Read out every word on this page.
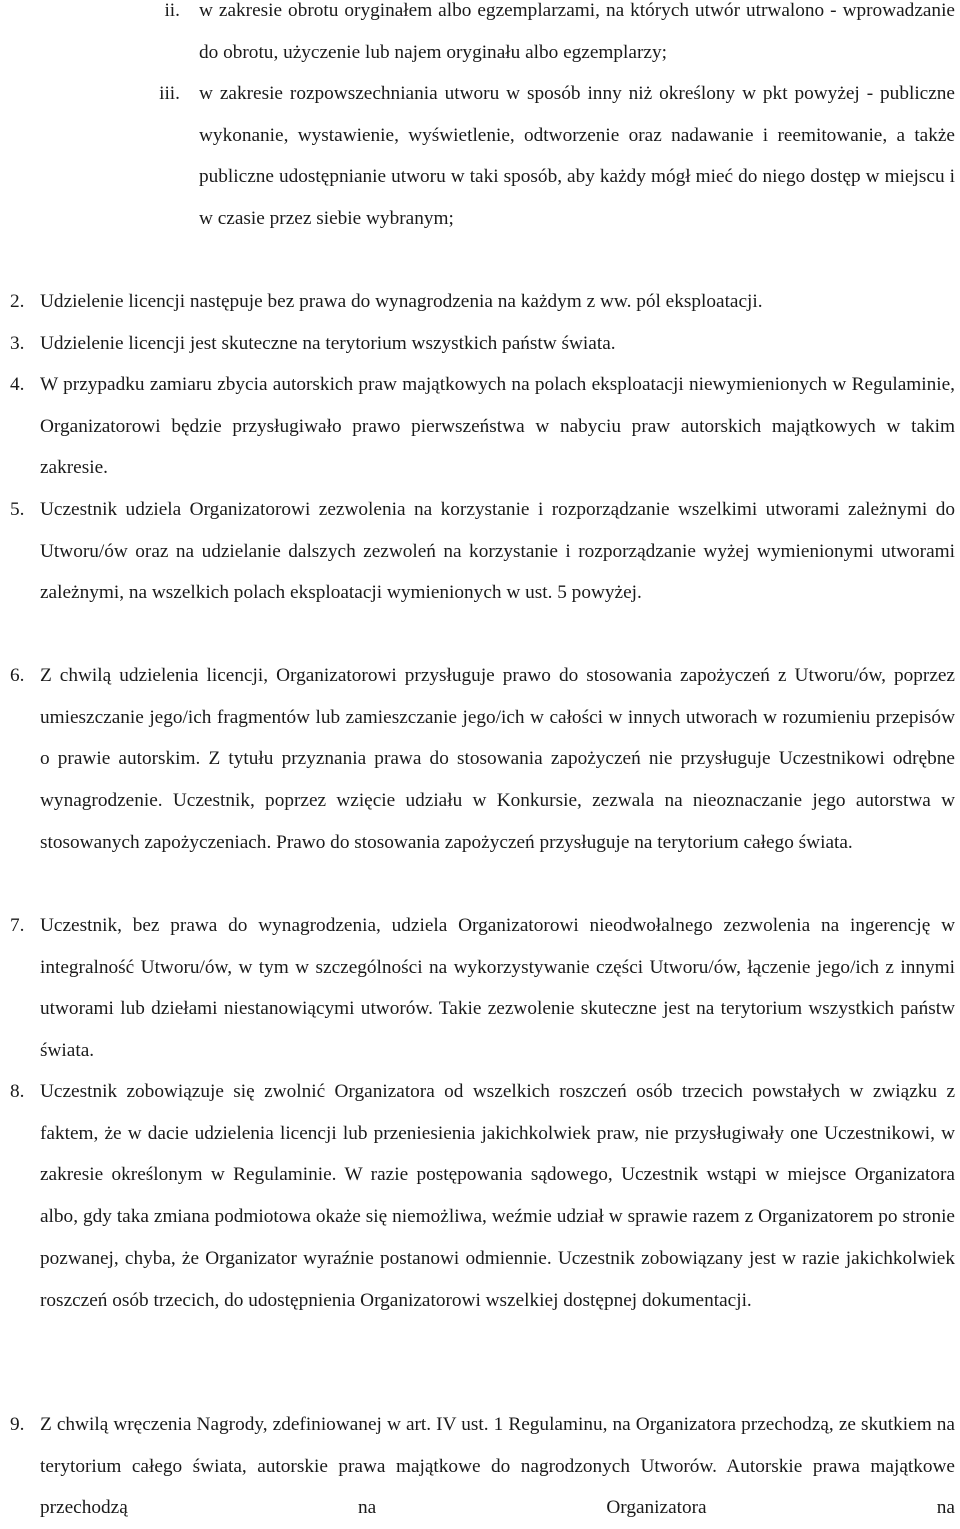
ii. w zakresie obrotu oryginałem albo egzemplarzami, na których utwór utrwalono - wprowadzanie do obrotu, użyczenie lub najem oryginału albo egzemplarzy;

iii. w zakresie rozpowszechniania utworu w sposób inny niż określony w pkt powyżej - publiczne wykonanie, wystawienie, wyświetlenie, odtworzenie oraz nadawanie i reemitowanie, a także publiczne udostępnianie utworu w taki sposób, aby każdy mógł mieć do niego dostęp w miejscu i w czasie przez siebie wybranym;

2. Udzielenie licencji następuje bez prawa do wynagrodzenia na każdym z ww. pól eksploatacji.

3. Udzielenie licencji jest skuteczne na terytorium wszystkich państw świata.

4. W przypadku zamiaru zbycia autorskich praw majątkowych na polach eksploatacji niewymienionych w Regulaminie, Organizatorowi będzie przysługiwało prawo pierwszeństwa w nabyciu praw autorskich majątkowych w takim zakresie.

5. Uczestnik udziela Organizatorowi zezwolenia na korzystanie i rozporządzanie wszelkimi utworami zależnymi do Utworu/ów oraz na udzielanie dalszych zezwoleń na korzystanie i rozporządzanie wyżej wymienionymi utworami zależnymi, na wszelkich polach eksploatacji wymienionych w ust. 5 powyżej.

6. Z chwilą udzielenia licencji, Organizatorowi przysługuje prawo do stosowania zapożyczeń z Utworu/ów, poprzez umieszczanie jego/ich fragmentów lub zamieszczanie jego/ich w całości w innych utworach w rozumieniu przepisów o prawie autorskim. Z tytułu przyznania prawa do stosowania zapożyczeń nie przysługuje Uczestnikowi odrębne wynagrodzenie. Uczestnik, poprzez wzięcie udziału w Konkursie, zezwala na nieoznaczanie jego autorstwa w stosowanych zapożyczeniach. Prawo do stosowania zapożyczeń przysługuje na terytorium całego świata.

7. Uczestnik, bez prawa do wynagrodzenia, udziela Organizatorowi nieodwołalnego zezwolenia na ingerencję w integralność Utworu/ów, w tym w szczególności na wykorzystywanie części Utworu/ów, łączenie jego/ich z innymi utworami lub dziełami niestanowiącymi utworów. Takie zezwolenie skuteczne jest na terytorium wszystkich państw świata.

8. Uczestnik zobowiązuje się zwolnić Organizatora od wszelkich roszczeń osób trzecich powstałych w związku z faktem, że w dacie udzielenia licencji lub przeniesienia jakichkolwiek praw, nie przysługiwały one Uczestnikowi, w zakresie określonym w Regulaminie. W razie postępowania sądowego, Uczestnik wstąpi w miejsce Organizatora albo, gdy taka zmiana podmiotowa okaże się niemożliwa, weźmie udział w sprawie razem z Organizatorem po stronie pozwanej, chyba, że Organizator wyraźnie postanowi odmiennie. Uczestnik zobowiązany jest w razie jakichkolwiek roszczeń osób trzecich, do udostępnienia Organizatorowi wszelkiej dostępnej dokumentacji.

9. Z chwilą wręczenia Nagrody, zdefiniowanej w art. IV ust. 1 Regulaminu, na Organizatora przechodzą, ze skutkiem na terytorium całego świata, autorskie prawa majątkowe do nagrodzonych Utworów. Autorskie prawa majątkowe przechodzą na Organizatora na
